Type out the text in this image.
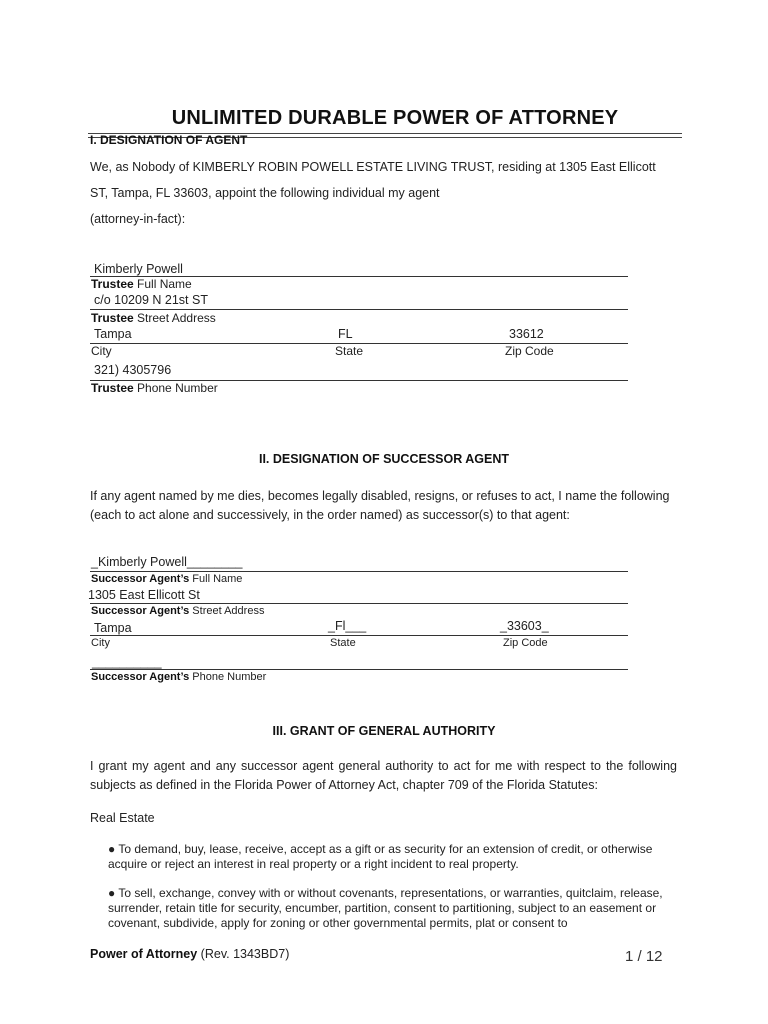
UNLIMITED DURABLE POWER OF ATTORNEY
I. DESIGNATION OF AGENT
We, as Nobody of KIMBERLY ROBIN POWELL ESTATE LIVING TRUST, residing at 1305 East Ellicott
ST, Tampa, FL 33603, appoint the following individual my agent
(attorney-in-fact):
Kimberly Powell
Trustee Full Name
c/o 10209 N 21st ST
Trustee Street Address
Tampa	FL	33612
City	State	Zip Code
321) 4305796
Trustee Phone Number
II. DESIGNATION OF SUCCESSOR AGENT
If any agent named by me dies, becomes legally disabled, resigns, or refuses to act, I name the following (each to act alone and successively, in the order named) as successor(s) to that agent:
_Kimberly Powell________
Successor Agent’s Full Name
1305 East Ellicott St
Successor Agent’s Street Address
Tampa	_Fl___	_33603_
City	State	Zip Code
__________
Successor Agent’s Phone Number
III. GRANT OF GENERAL AUTHORITY
I grant my agent and any successor agent general authority to act for me with respect to the following subjects as defined in the Florida Power of Attorney Act, chapter 709 of the Florida Statutes:
Real Estate
● To demand, buy, lease, receive, accept as a gift or as security for an extension of credit, or otherwise acquire or reject an interest in real property or a right incident to real property.
● To sell, exchange, convey with or without covenants, representations, or warranties, quitclaim, release, surrender, retain title for security, encumber, partition, consent to partitioning, subject to an easement or covenant, subdivide, apply for zoning or other governmental permits, plat or consent to
Power of Attorney (Rev. 1343BD7)	1 / 12
